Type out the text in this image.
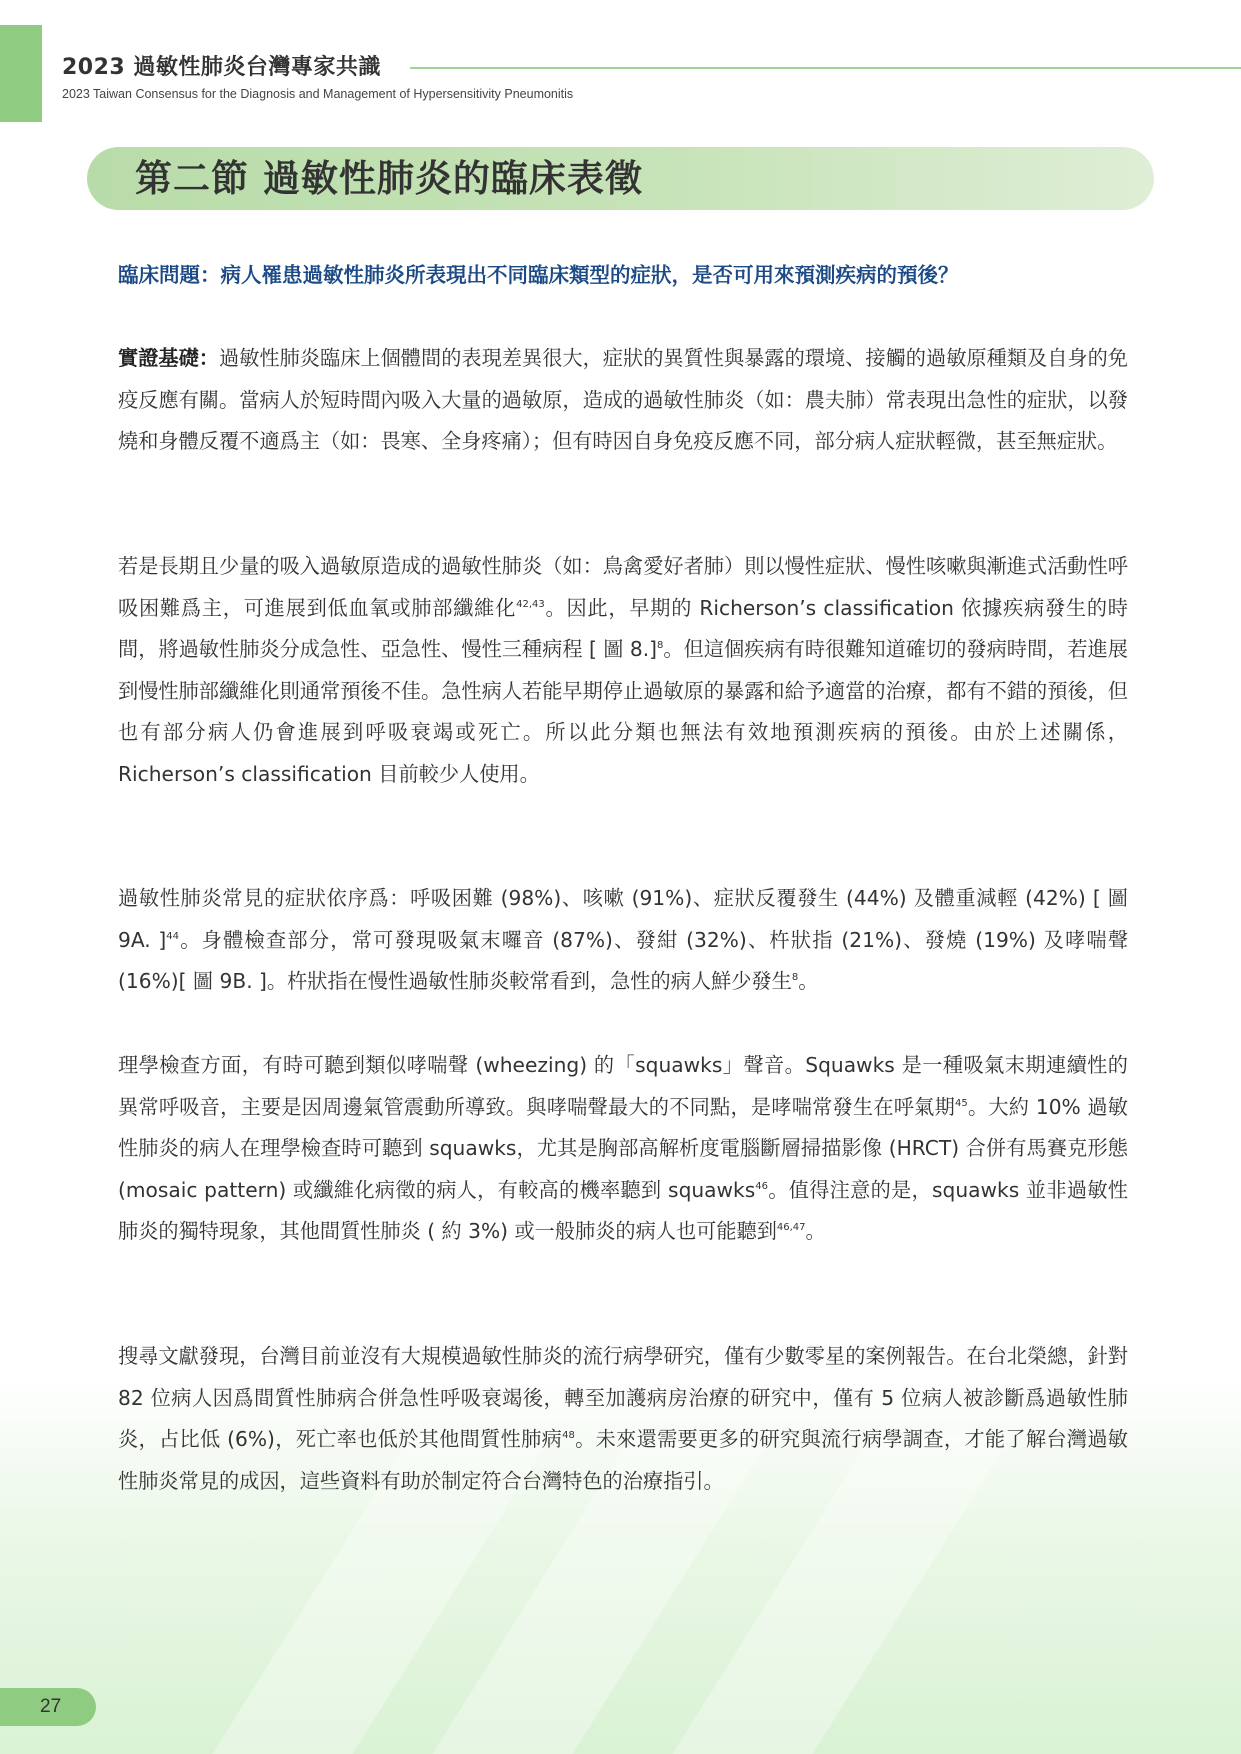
2023 過敏性肺炎台灣專家共識

2023 Taiwan Consensus for the Diagnosis and Management of Hypersensitivity Pneumonitis

第二節 過敏性肺炎的臨床表徵

臨床問題：病人罹患過敏性肺炎所表現出不同臨床類型的症狀，是否可用來預測疾病的預後？

實證基礎：過敏性肺炎臨床上個體間的表現差異很大，症狀的異質性與暴露的環境、接觸的過敏原種類及自身的免疫反應有關。當病人於短時間內吸入大量的過敏原，造成的過敏性肺炎（如：農夫肺）常表現出急性的症狀，以發燒和身體反覆不適爲主（如：畏寒、全身疼痛）；但有時因自身免疫反應不同，部分病人症狀輕微，甚至無症狀。

若是長期且少量的吸入過敏原造成的過敏性肺炎（如：鳥禽愛好者肺）則以慢性症狀、慢性咳嗽與漸進式活動性呼吸困難爲主，可進展到低血氧或肺部纖維化$^{42,43}$。因此，早期的 Richerson’s classification 依據疾病發生的時間，將過敏性肺炎分成急性、亞急性、慢性三種病程 [ 圖 8.]$^8$。但這個疾病有時很難知道確切的發病時間，若進展到慢性肺部纖維化則通常預後不佳。急性病人若能早期停止過敏原的暴露和給予適當的治療，都有不錯的預後，但也有部分病人仍會進展到呼吸衰竭或死亡。所以此分類也無法有效地預測疾病的預後。由於上述關係，Richerson’s classification 目前較少人使用。

過敏性肺炎常見的症狀依序爲：呼吸困難 (98%)、咳嗽 (91%)、症狀反覆發生 (44%) 及體重減輕 (42%) [ 圖 9A. ]$^{44}$。身體檢查部分，常可發現吸氣末囉音 (87%)、發紺 (32%)、杵狀指 (21%)、發燒 (19%) 及哮喘聲 (16%)[ 圖 9B. ]。杵狀指在慢性過敏性肺炎較常看到，急性的病人鮮少發生$^8$。

理學檢查方面，有時可聽到類似哮喘聲 (wheezing) 的「squawks」聲音。Squawks 是一種吸氣末期連續性的異常呼吸音，主要是因周邊氣管震動所導致。與哮喘聲最大的不同點，是哮喘常發生在呼氣期$^{45}$。大約 10% 過敏性肺炎的病人在理學檢查時可聽到 squawks，尤其是胸部高解析度電腦斷層掃描影像 (HRCT) 合併有馬賽克形態 (mosaic pattern) 或纖維化病徵的病人，有較高的機率聽到 squawks$^{46}$。值得注意的是，squawks 並非過敏性肺炎的獨特現象，其他間質性肺炎 ( 約 3%) 或一般肺炎的病人也可能聽到$^{46,47}$。

搜尋文獻發現，台灣目前並沒有大規模過敏性肺炎的流行病學研究，僅有少數零星的案例報告。在台北榮總，針對 82 位病人因爲間質性肺病合併急性呼吸衰竭後，轉至加護病房治療的研究中，僅有 5 位病人被診斷爲過敏性肺炎，占比低 (6%)，死亡率也低於其他間質性肺病$^{48}$。未來還需要更多的研究與流行病學調查，才能了解台灣過敏性肺炎常見的成因，這些資料有助於制定符合台灣特色的治療指引。

27
